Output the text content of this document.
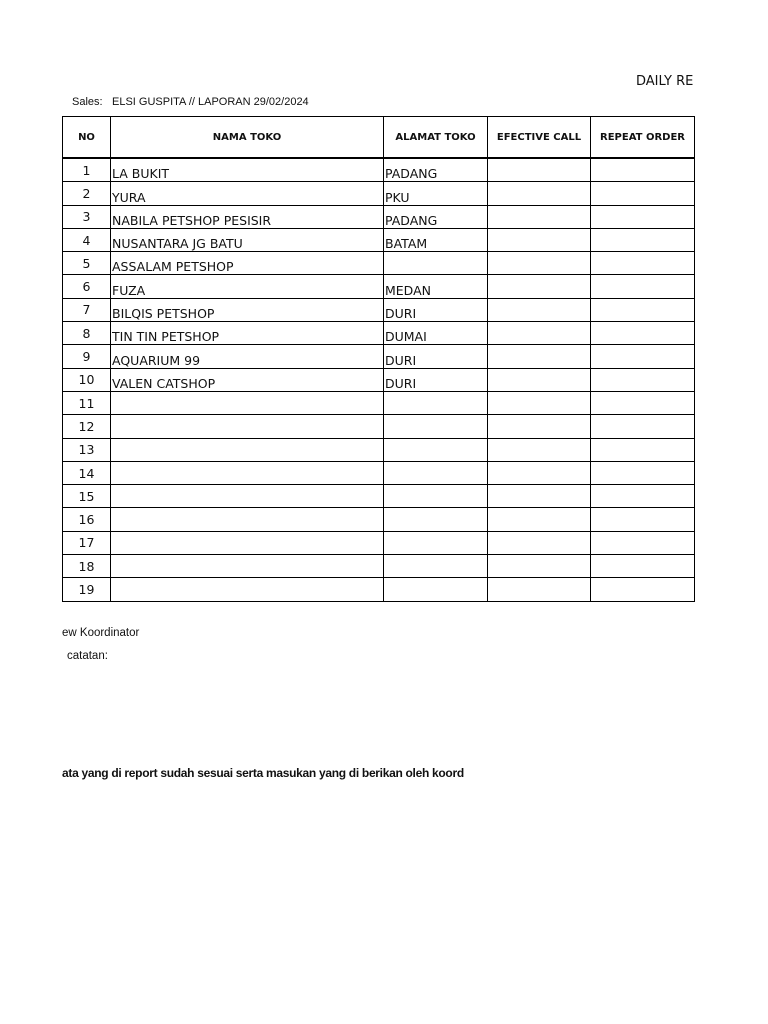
DAILY RE
Sales: ELSI GUSPITA // LAPORAN 29/02/2024
NO	NAMA TOKO	ALAMAT TOKO	EFECTIVE CALL	REPEAT ORDER
1	LA BUKIT	PADANG		
2	YURA	PKU		
3	NABILA PETSHOP PESISIR	PADANG		
4	NUSANTARA JG BATU	BATAM		
5	ASSALAM PETSHOP			
6	FUZA	MEDAN		
7	BILQIS PETSHOP	DURI		
8	TIN TIN PETSHOP	DUMAI		
9	AQUARIUM 99	DURI		
10	VALEN CATSHOP	DURI		
11				
12				
13				
14				
15				
16				
17				
18				
19				
ew Koordinator
catatan:
ata yang di report sudah sesuai serta masukan yang di berikan oleh koord
